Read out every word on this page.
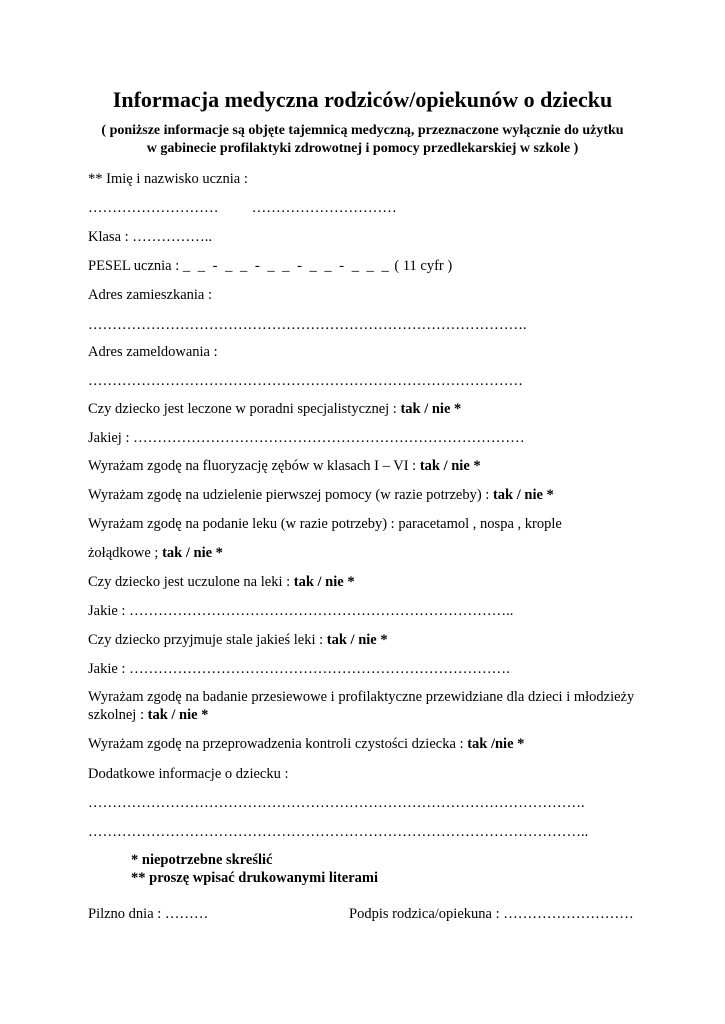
Informacja medyczna rodziców/opiekunów o dziecku

( poniższe informacje są objęte tajemnicą medyczną, przeznaczone wyłącznie do użytku

w gabinecie profilaktyki zdrowotnej i pomocy przedlekarskiej w szkole )

** Imię i nazwisko ucznia :

……………………… …………………………

Klasa : ……………..

PESEL ucznia : _ _ - _ _ - _ _ - _ _ - _ _ _ ( 11 cyfr )

Adres zamieszkania :

……………………………………………………………………………….

Adres zameldowania :

………………………………………………………………………………

Czy dziecko jest leczone w poradni specjalistycznej : tak / nie *

Jakiej : ………………………………………………………………………

Wyrażam zgodę na fluoryzację zębów w klasach I – VI : tak / nie *

Wyrażam zgodę na udzielenie pierwszej pomocy (w razie potrzeby) : tak / nie *

Wyrażam zgodę na podanie leku (w razie potrzeby) : paracetamol , nospa , krople

żołądkowe ; tak / nie *

Czy dziecko jest uczulone na leki : tak / nie *

Jakie : ……………………………………………………………………..

Czy dziecko przyjmuje stale jakieś leki : tak / nie *

Jakie : …………………………………………………………………….

Wyrażam zgodę na badanie przesiewowe i profilaktyczne przewidziane dla dzieci i młodzieży

szkolnej : tak / nie *

Wyrażam zgodę na przeprowadzenia kontroli czystości dziecka : tak /nie *

Dodatkowe informacje o dziecku :

………………………………………………………………………………………….

…………………………………………………………………………………………..

* niepotrzebne skreślić
** proszę wpisać drukowanymi literami

Pilzno dnia : ………	Podpis rodzica/opiekuna : ………………………
